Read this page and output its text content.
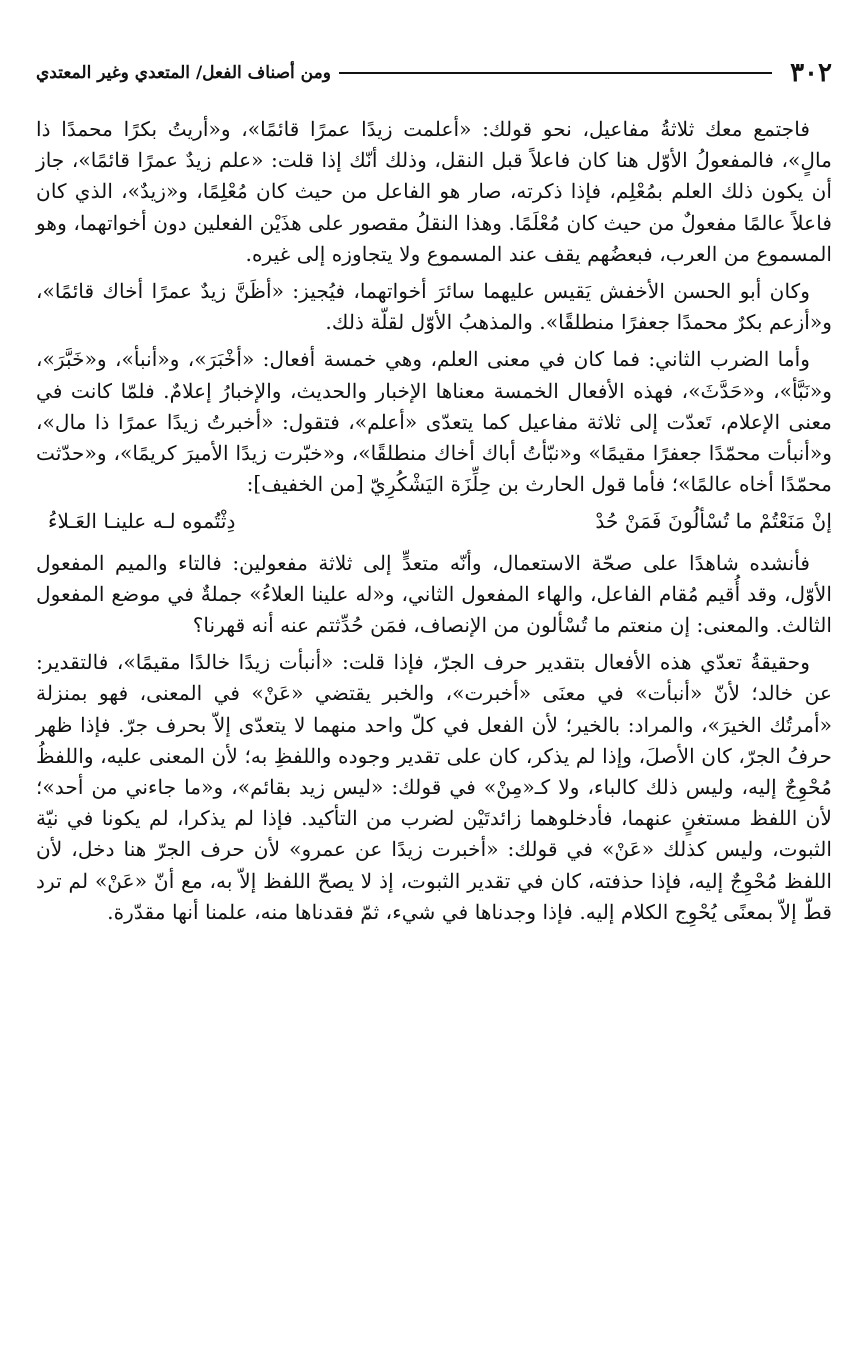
٣٠٢
ومن أصناف الفعل/ المتعدي وغير المعتدي

فاجتمع معك ثلاثةُ مفاعيل، نحو قولك: «أعلمت زيدًا عمرًا قائمًا»، و«أريتُ بكرًا محمدًا ذا مالٍ»، فالمفعولُ الأوّل هنا كان فاعلاً قبل النقل، وذلك أنّك إذا قلت: «علم زيدٌ عمرًا قائمًا»، جاز أن يكون ذلك العلم بمُعْلِم، فإذا ذكرته، صار هو الفاعل من حيث كان مُعْلِمًا، و«زيدٌ»، الذي كان فاعلاً عالمًا مفعولٌ من حيث كان مُعْلَمًا. وهذا النقلُ مقصور على هذَيْن الفعلين دون أخواتهما، وهو المسموع من العرب، فبعضُهم يقف عند المسموع ولا يتجاوزه إلى غيره.

وكان أبو الحسن الأخفش يَقيس عليهما سائرَ أخواتهما، فيُجيز: «أظَنَّ زيدٌ عمرًا أخاك قائمًا»، و«أزعم بكرٌ محمدًا جعفرًا منطلقًا». والمذهبُ الأوّل لقلّة ذلك.

وأما الضرب الثاني: فما كان في معنى العلم، وهي خمسة أفعال: «أخْبَرَ»، و«أنبأ»، و«خَبَّرَ»، و«نَبَّأ»، و«حَدَّثَ»، فهذه الأفعال الخمسة معناها الإخبار والحديث، والإخبارُ إعلامٌ. فلمّا كانت في معنى الإعلام، تَعدّت إلى ثلاثة مفاعيل كما يتعدّى «أعلم»، فتقول: «أخبرتُ زيدًا عمرًا ذا مال»، و«أنبأت محمّدًا جعفرًا مقيمًا» و«نبّأتُ أباك أخاك منطلقًا»، و«خبّرت زيدًا الأميرَ كريمًا»، و«حدّثت محمّدًا أخاه عالمًا»؛ فأما قول الحارث بن حِلِّزَة اليَشْكُرِيّ [من الخفيف]:

إنْ مَنَعْتُمْ ما تُسْألُونَ فَمَنْ حُدْ
دِثْتُموه لـه علينـا العَـلاءُ

فأنشده شاهدًا على صحّة الاستعمال، وأنّه متعدٍّ إلى ثلاثة مفعولين: فالتاء والميم المفعول الأوّل، وقد أُقيم مُقام الفاعل، والهاء المفعول الثاني، و«له علينا العلاءُ» جملةٌ في موضع المفعول الثالث. والمعنى: إن منعتم ما تُسْألون من الإنصاف، فمَن حُدِّثتم عنه أنه قهرنا؟

وحقيقةُ تعدّي هذه الأفعال بتقدير حرف الجرّ، فإذا قلت: «أنبأت زيدًا خالدًا مقيمًا»، فالتقدير: عن خالد؛ لأنّ «أنبأت» في معنَى «أخبرت»، والخبر يقتضي «عَنْ» في المعنى، فهو بمنزلة «أمرتُك الخيرَ»، والمراد: بالخير؛ لأن الفعل في كلّ واحد منهما لا يتعدّى إلاّ بحرف جرّ. فإذا ظهر حرفُ الجرّ، كان الأصلَ، وإذا لم يذكر، كان على تقدير وجوده واللفظِ به؛ لأن المعنى عليه، واللفظُ مُحْوِجٌ إليه، وليس ذلك كالباء، ولا كـ«مِنْ» في قولك: «ليس زيد بقائم»، و«ما جاءني من أحد»؛ لأن اللفظ مستغنٍ عنهما، فأدخلوهما زائدتَيْن لضرب من التأكيد. فإذا لم يذكرا، لم يكونا في نيّة الثبوت، وليس كذلك «عَنْ» في قولك: «أخبرت زيدًا عن عمرو» لأن حرف الجرّ هنا دخل، لأن اللفظ مُحْوِجٌ إليه، فإذا حذفته، كان في تقدير الثبوت، إذ لا يصحّ اللفظ إلاّ به، مع أنّ «عَنْ» لم ترد قطّ إلاّ بمعنًى يُحْوِج الكلام إليه. فإذا وجدناها في شيء، ثمّ فقدناها منه، علمنا أنها مقدّرة.
